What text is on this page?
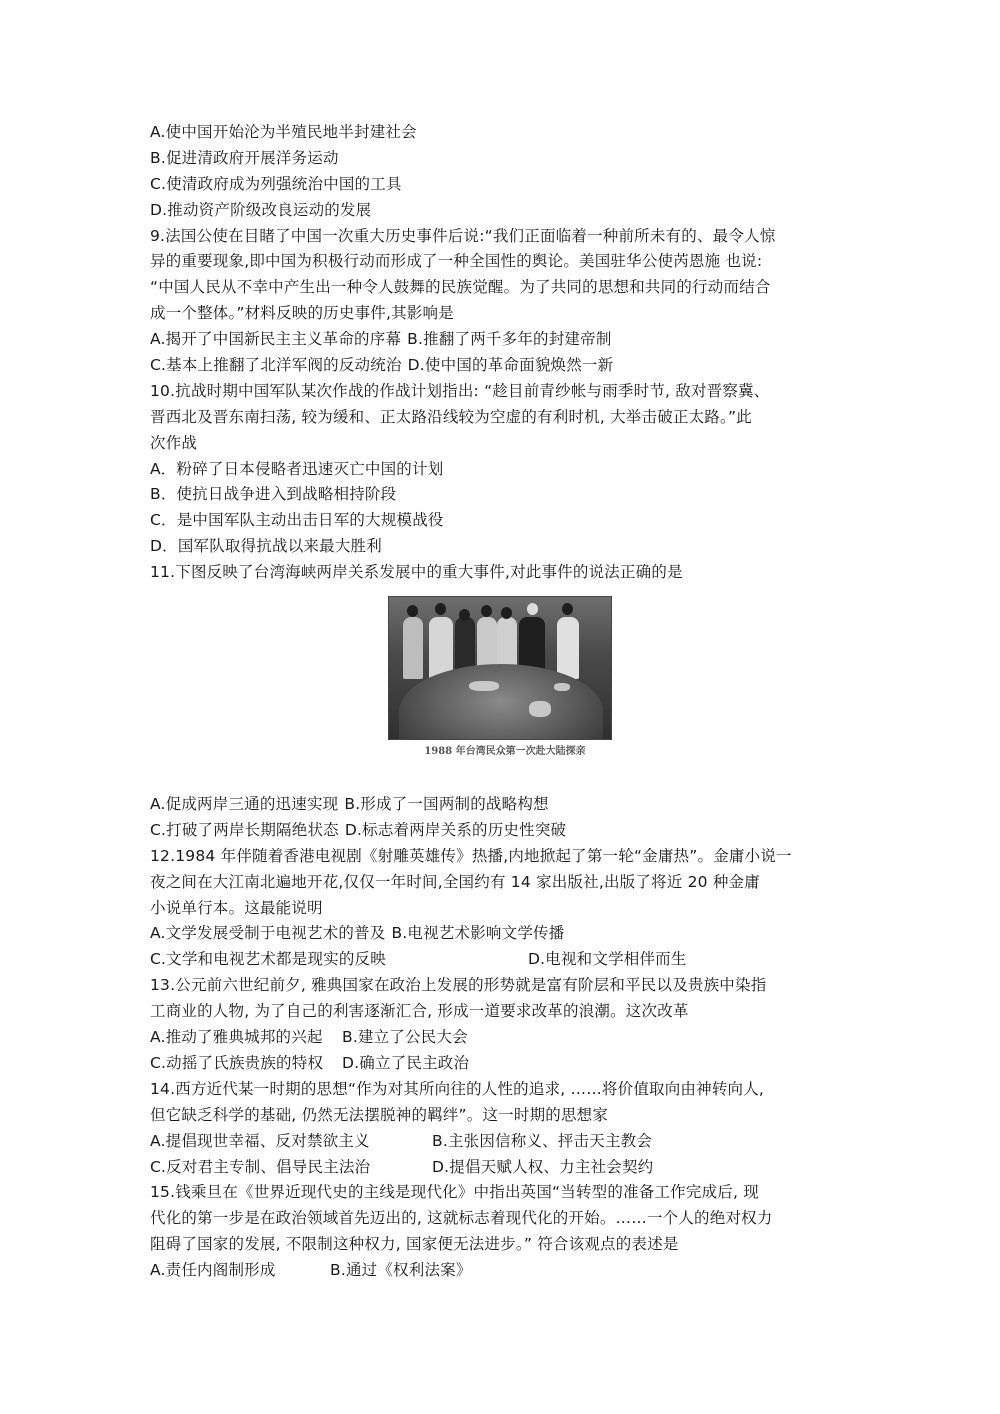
A.使中国开始沦为半殖民地半封建社会
B.促进清政府开展洋务运动
C.使清政府成为列强统治中国的工具
D.推动资产阶级改良运动的发展
9.法国公使在目睹了中国一次重大历史事件后说:“我们正面临着一种前所未有的、最令人惊
异的重要现象,即中国为积极行动而形成了一种全国性的舆论。美国驻华公使芮恩施 也说:
“中国人民从不幸中产生出一种令人鼓舞的民族觉醒。为了共同的思想和共同的行动而结合
成一个整体。”材料反映的历史事件,其影响是
A.揭开了中国新民主主义革命的序幕 B.推翻了两千多年的封建帝制
C.基本上推翻了北洋军阀的反动统治 D.使中国的革命面貌焕然一新
10.抗战时期中国军队某次作战的作战计划指出: “趁目前青纱帐与雨季时节, 敌对晋察冀、
晋西北及晋东南扫荡, 较为缓和、正太路沿线较为空虚的有利时机, 大举击破正太路。”此
次作战
A．粉碎了日本侵略者迅速灭亡中国的计划
B．使抗日战争进入到战略相持阶段
C．是中国军队主动出击日军的大规模战役
D．国军队取得抗战以来最大胜利
11.下图反映了台湾海峡两岸关系发展中的重大事件,对此事件的说法正确的是
1988 年台湾民众第一次赴大陆探亲
A.促成两岸三通的迅速实现 B.形成了一国两制的战略构想
C.打破了两岸长期隔绝状态 D.标志着两岸关系的历史性突破
12.1984 年伴随着香港电视剧《射雕英雄传》热播,内地掀起了第一轮“金庸热”。金庸小说一
夜之间在大江南北遍地开花,仅仅一年时间,全国约有 14 家出版社,出版了将近 20 种金庸
小说单行本。这最能说明
A.文学发展受制于电视艺术的普及 B.电视艺术影响文学传播
C.文学和电视艺术都是现实的反映	D.电视和文学相伴而生
13.公元前六世纪前夕, 雅典国家在政治上发展的形势就是富有阶层和平民以及贵族中染指
工商业的人物, 为了自己的利害逐渐汇合, 形成一道要求改革的浪潮。这次改革
A.推动了雅典城邦的兴起	B.建立了公民大会
C.动摇了氏族贵族的特权	D.确立了民主政治
14.西方近代某一时期的思想“作为对其所向往的人性的追求, ……将价值取向由神转向人,
但它缺乏科学的基础, 仍然无法摆脱神的羁绊”。这一时期的思想家
A.提倡现世幸福、反对禁欲主义	B.主张因信称义、抨击天主教会
C.反对君主专制、倡导民主法治	D.提倡天赋人权、力主社会契约
15.钱乘旦在《世界近现代史的主线是现代化》中指出英国“当转型的准备工作完成后, 现
代化的第一步是在政治领域首先迈出的, 这就标志着现代化的开始。……一个人的绝对权力
阻碍了国家的发展, 不限制这种权力, 国家便无法进步。” 符合该观点的表述是
A.责任内阁制形成	B.通过《权利法案》
